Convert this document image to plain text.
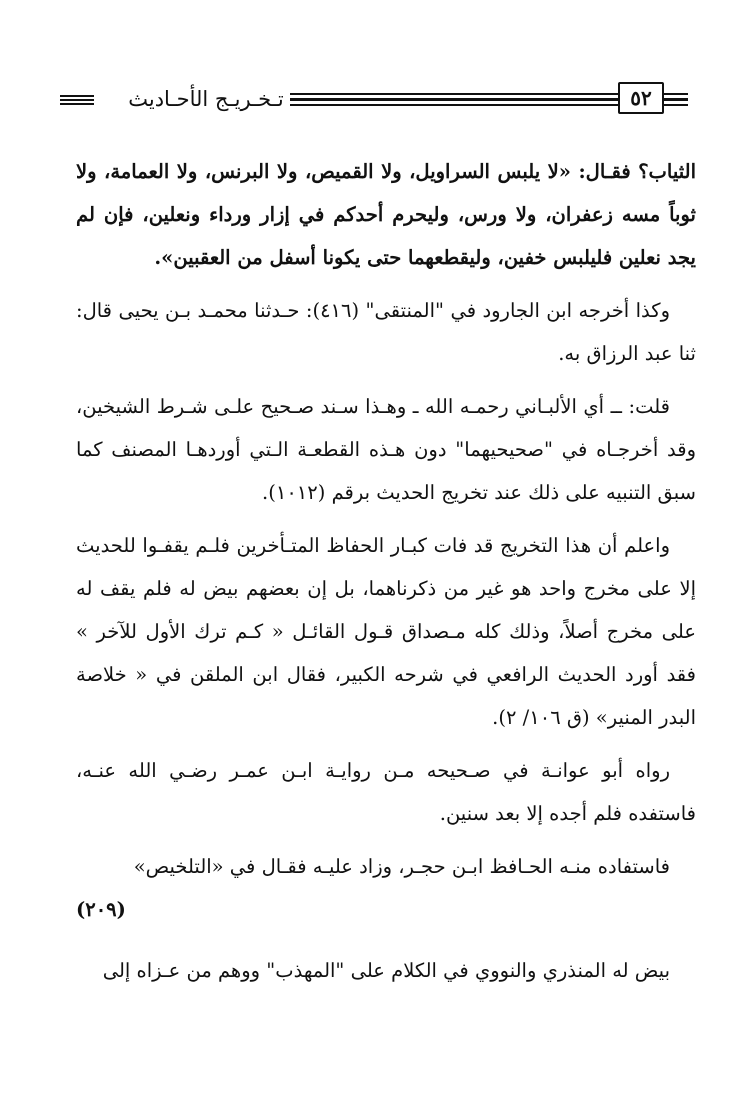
تـخـريـج الأحـاديث	٥٢

الثياب؟ فقـال: «لا يلبس السراويل، ولا القميص، ولا البرنس، ولا العمامة، ولا ثوباً مسه زعفران، ولا ورس، وليحرم أحدكم في إزار ورداء ونعلين، فإن لم يجد نعلين فليلبس خفين، وليقطعهما حتى يكونا أسفل من العقبين».

وكذا أخرجه ابن الجارود في "المنتقى" (٤١٦): حـدثنا محمـد بـن يحيى قال: ثنا عبد الرزاق به.

قلت: ــ أي الألبـاني رحمـه الله ـ وهـذا سـند صـحيح علـى شـرط الشيخين، وقد أخرجـاه في "صحيحيهما" دون هـذه القطعـة الـتي أوردهـا المصنف كما سبق التنبيه على ذلك عند تخريج الحديث برقم (١٠١٢).

واعلم أن هذا التخريج قد فات كبـار الحفاظ المتـأخرين فلـم يقفـوا للحديث إلا على مخرج واحد هو غير من ذكرناهما، بل إن بعضهم بيض له فلم يقف له على مخرج أصلاً، وذلك كله مـصداق قـول القائـل « كـم ترك الأول للآخر » فقد أورد الحديث الرافعي في شرحه الكبير، فقال ابن الملقن في « خلاصة البدر المنير» (ق ١٠٦/ ٢).

رواه أبو عوانـة في صـحيحه مـن روايـة ابـن عمـر رضـي الله عنـه، فاستفده فلم أجده إلا بعد سنين.

فاستفاده منـه الحـافظ ابـن حجـر، وزاد عليـه فقـال في «التلخيص»

(٢٠٩)

بيض له المنذري والنووي في الكلام على "المهذب" ووهم من عـزاه إلى
